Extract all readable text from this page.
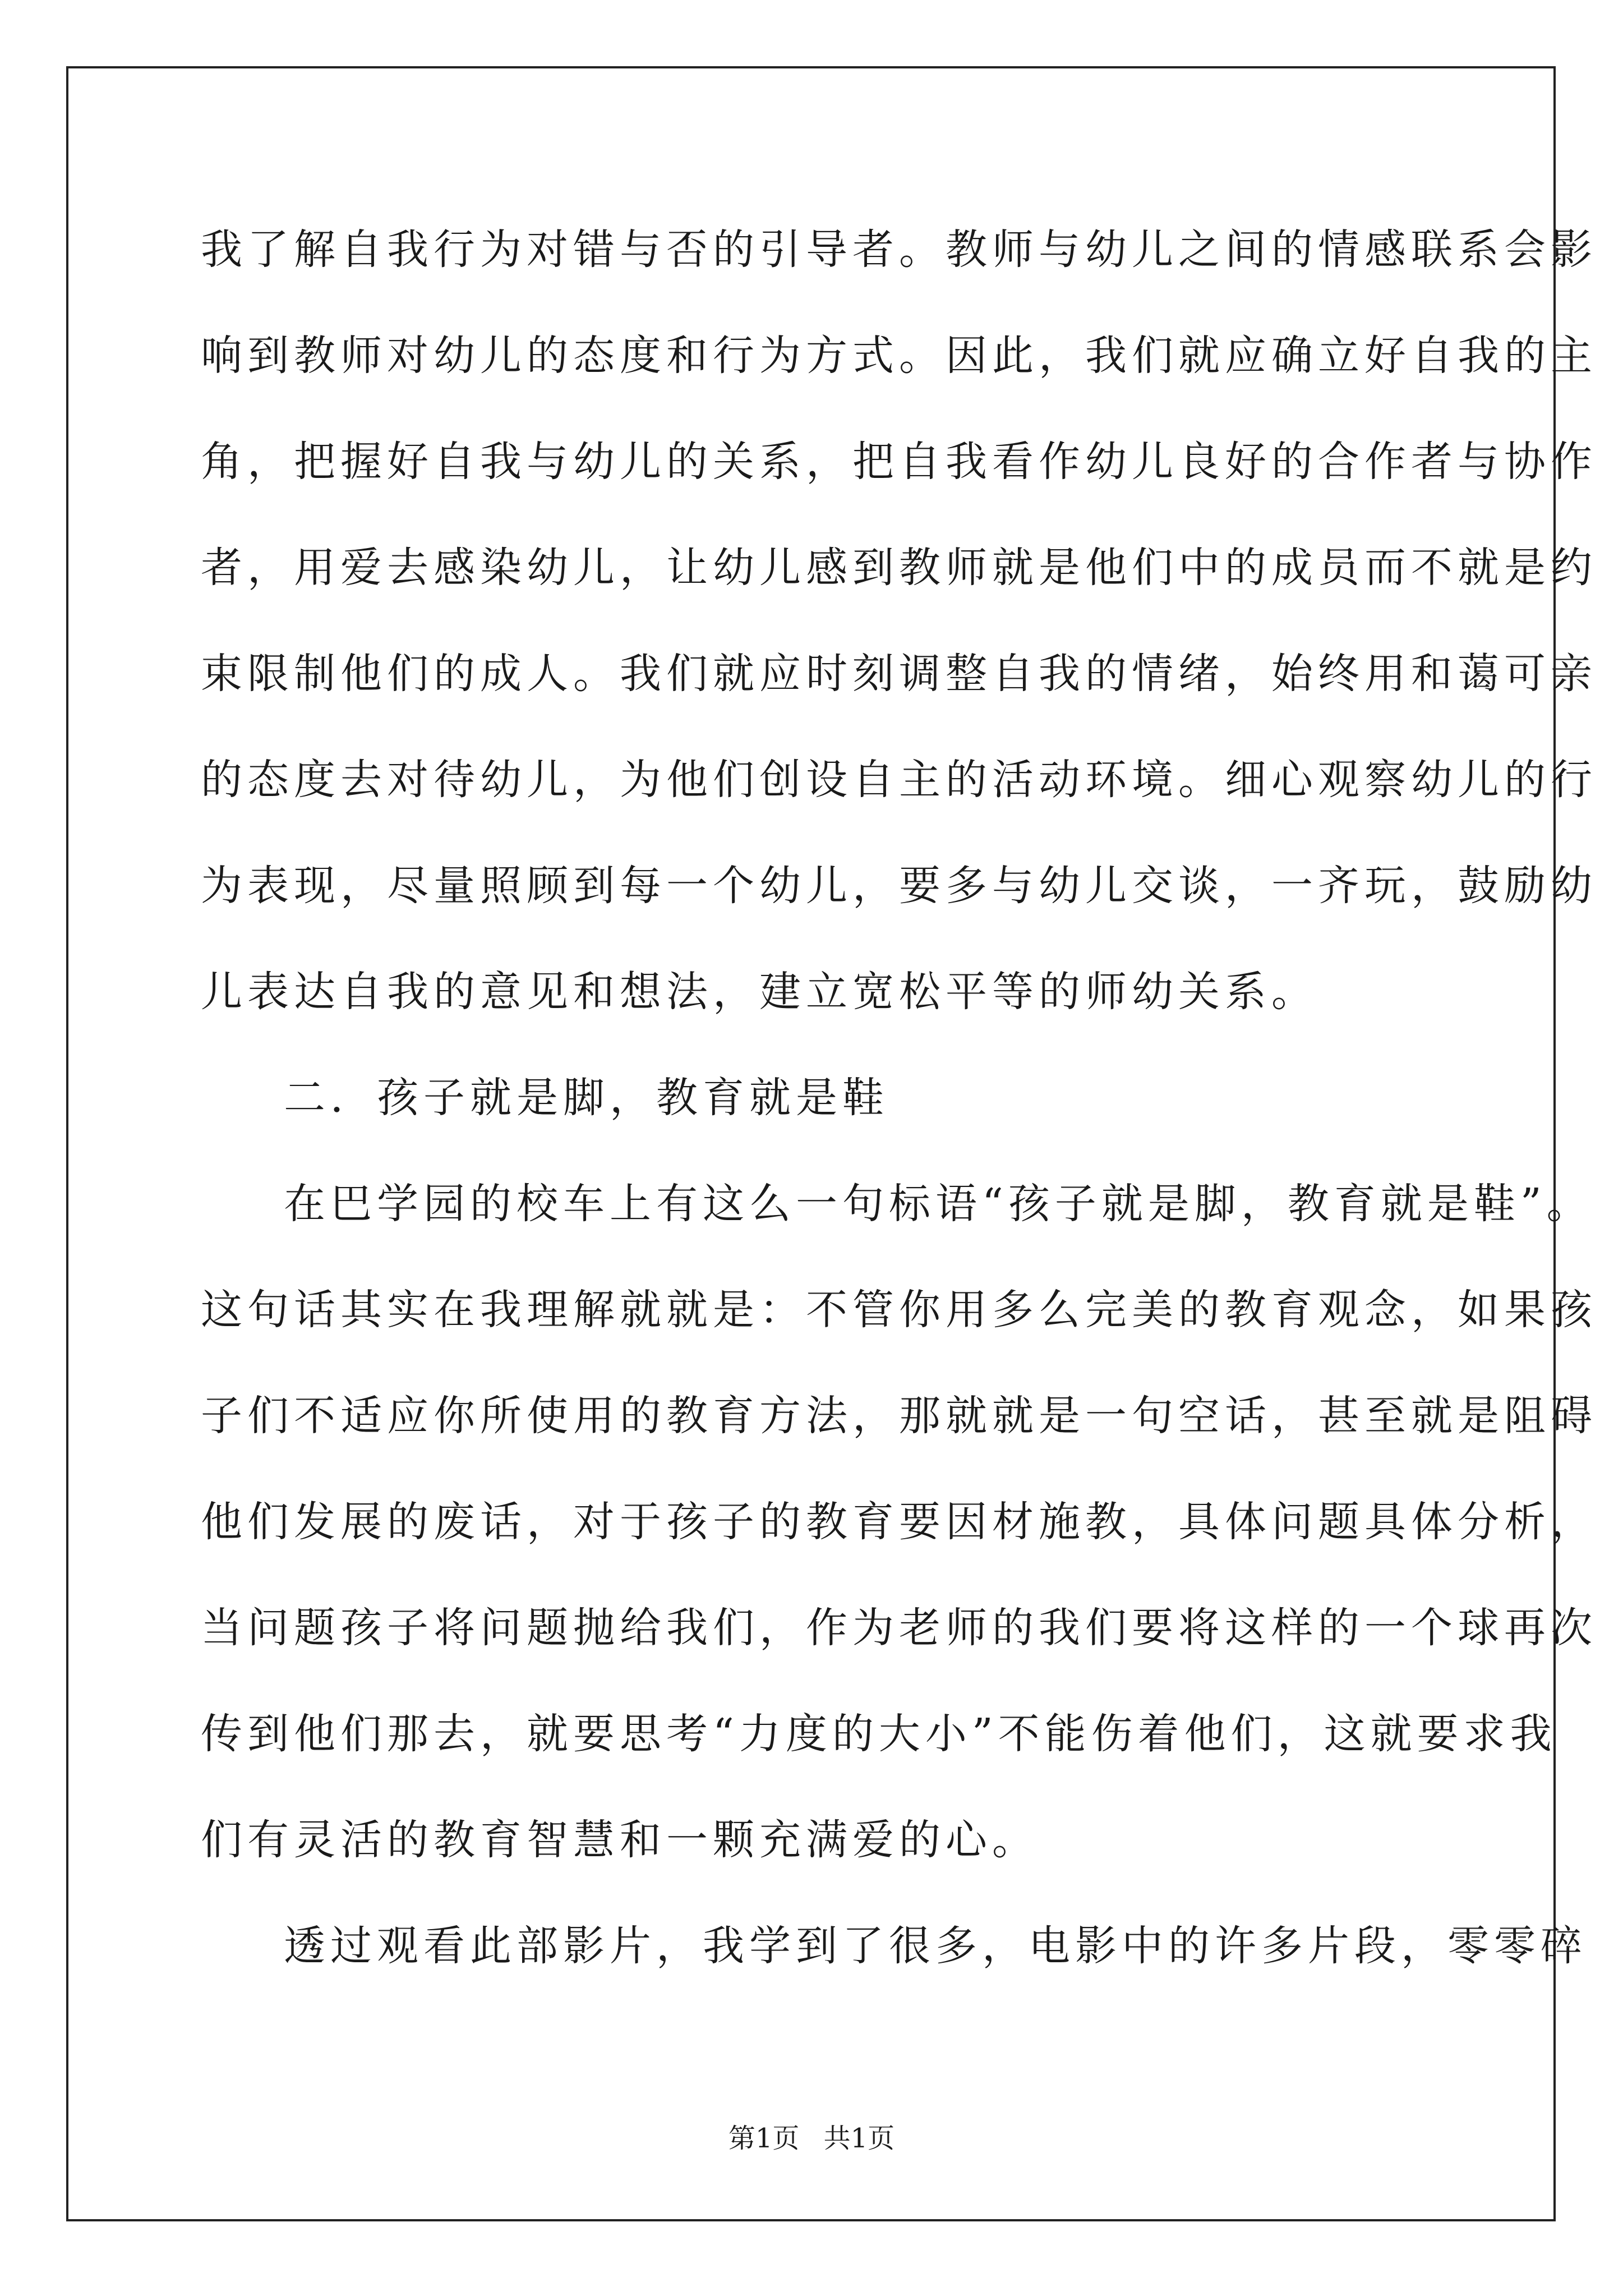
我了解自我行为对错与否的引导者。教师与幼儿之间的情感联系会影
响到教师对幼儿的态度和行为方式。因此，我们就应确立好自我的主
角，把握好自我与幼儿的关系，把自我看作幼儿良好的合作者与协作
者，用爱去感染幼儿，让幼儿感到教师就是他们中的成员而不就是约
束限制他们的成人。我们就应时刻调整自我的情绪，始终用和蔼可亲
的态度去对待幼儿，为他们创设自主的活动环境。细心观察幼儿的行
为表现，尽量照顾到每一个幼儿，要多与幼儿交谈，一齐玩，鼓励幼
儿表达自我的意见和想法，建立宽松平等的师幼关系。
二．孩子就是脚，教育就是鞋
在巴学园的校车上有这么一句标语“孩子就是脚，教育就是鞋”。
这句话其实在我理解就就是：不管你用多么完美的教育观念，如果孩
子们不适应你所使用的教育方法，那就就是一句空话，甚至就是阻碍
他们发展的废话，对于孩子的教育要因材施教，具体问题具体分析，
当问题孩子将问题抛给我们，作为老师的我们要将这样的一个球再次
传到他们那去，就要思考“力度的大小”不能伤着他们，这就要求我
们有灵活的教育智慧和一颗充满爱的心。
透过观看此部影片，我学到了很多，电影中的许多片段，零零碎
第1页 共1页
